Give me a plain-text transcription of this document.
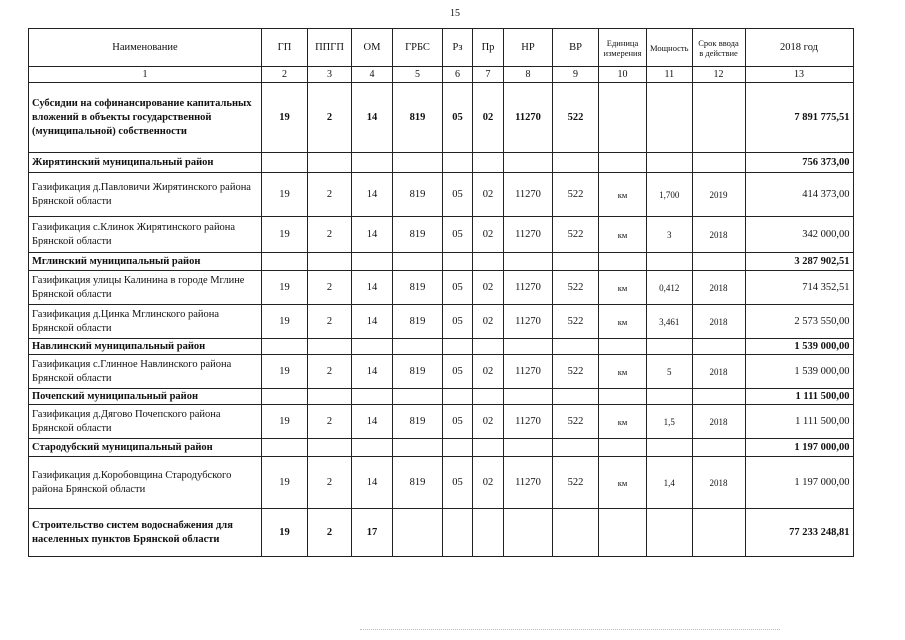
15
Наименование	ГП	ППГП	ОМ	ГРБС	Рз	Пр	НР	ВР	Единица измерения	Мощность	Срок ввода в действие	2018 год
1	2	3	4	5	6	7	8	9	10	11	12	13
Субсидии на софинансирование капитальных вложений в объекты государственной (муниципальной) собственности	19	2	14	819	05	02	11270	522				7 891 775,51
Жирятинский муниципальный район												756 373,00
Газификация д.Павловичи Жирятинского района Брянской области	19	2	14	819	05	02	11270	522	км	1,700	2019	414 373,00
Газификация с.Клинок Жирятинского района Брянской области	19	2	14	819	05	02	11270	522	км	3	2018	342 000,00
Мглинский муниципальный район												3 287 902,51
Газификация улицы Калинина в городе Мглине Брянской области	19	2	14	819	05	02	11270	522	км	0,412	2018	714 352,51
Газификация д.Цинка Мглинского района Брянской области	19	2	14	819	05	02	11270	522	км	3,461	2018	2 573 550,00
Навлинский муниципальный район												1 539 000,00
Газификация с.Глинное Навлинского района Брянской области	19	2	14	819	05	02	11270	522	км	5	2018	1 539 000,00
Почепский муниципальный район												1 111 500,00
Газификация д.Дягово Почепского района Брянской области	19	2	14	819	05	02	11270	522	км	1,5	2018	1 111 500,00
Стародубский муниципальный район												1 197 000,00
Газификация д.Коробовщина Стародубского района Брянской области	19	2	14	819	05	02	11270	522	км	1,4	2018	1 197 000,00
Строительство систем водоснабжения для населенных пунктов Брянской области	19	2	17									77 233 248,81
